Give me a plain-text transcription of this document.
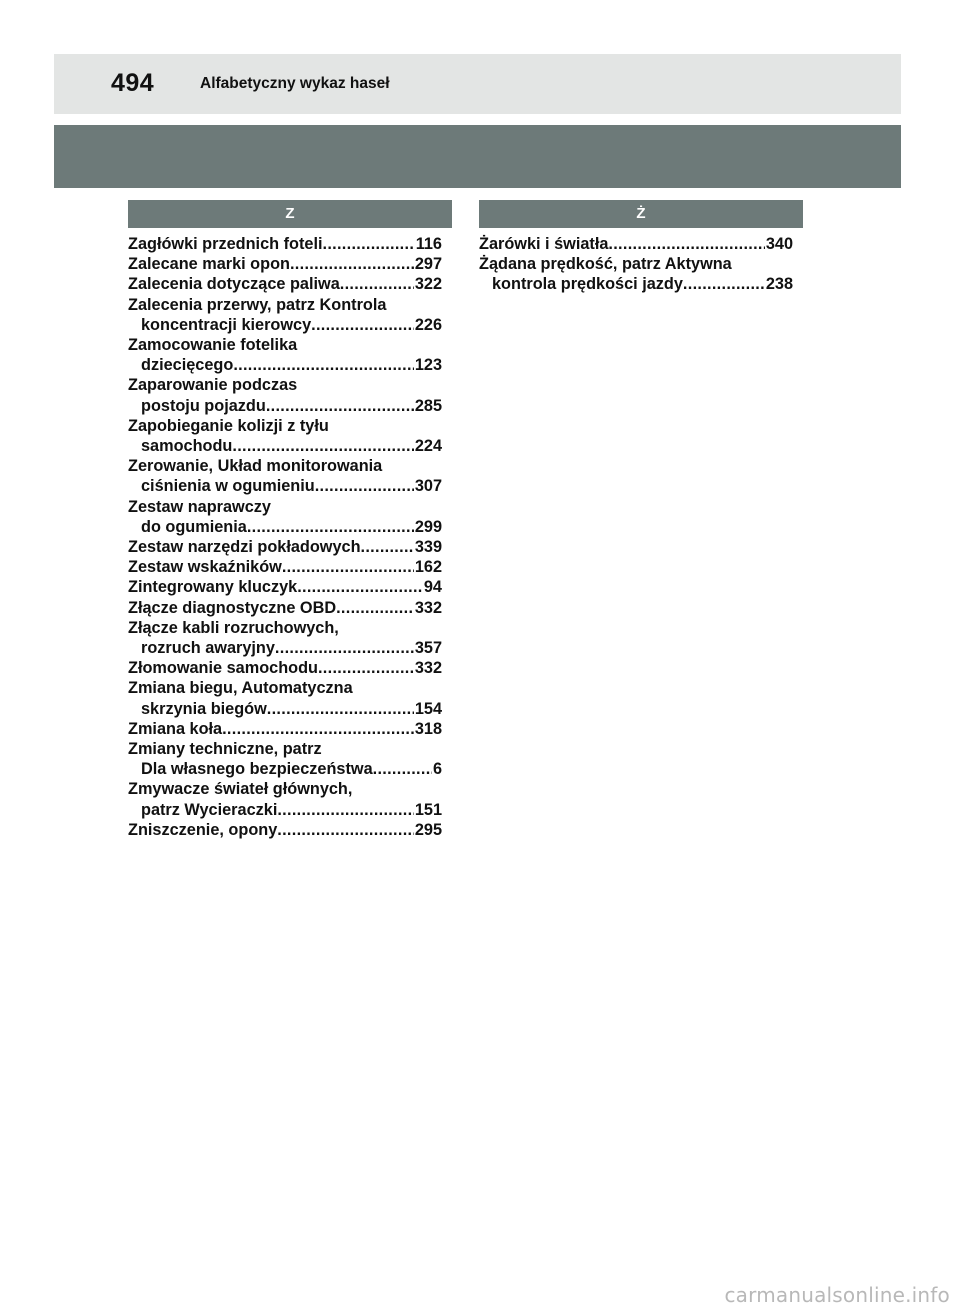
494	Alfabetyczny wykaz haseł
Z
Zagłówki przednich foteli .....	116
Zalecane marki opon .....	297
Zalecenia dotyczące paliwa .....	322
Zalecenia przerwy, patrz Kontrola
koncentracji kierowcy .....	226
Zamocowanie fotelika
dziecięcego .....	123
Zaparowanie podczas
postoju pojazdu .....	285
Zapobieganie kolizji z tyłu
samochodu .....	224
Zerowanie, Układ monitorowania
ciśnienia w ogumieniu .....	307
Zestaw naprawczy
do ogumienia .....	299
Zestaw narzędzi pokładowych .....	339
Zestaw wskaźników .....	162
Zintegrowany kluczyk .....	94
Złącze diagnostyczne OBD .....	332
Złącze kabli rozruchowych,
rozruch awaryjny .....	357
Złomowanie samochodu .....	332
Zmiana biegu, Automatyczna
skrzynia biegów .....	154
Zmiana koła .....	318
Zmiany techniczne, patrz
Dla własnego bezpieczeństwa .....	6
Zmywacze świateł głównych,
patrz Wycieraczki .....	151
Zniszczenie, opony .....	295
Ż
Żarówki i światła .....	340
Żądana prędkość, patrz Aktywna
kontrola prędkości jazdy .....	238
carmanualsonline.info
